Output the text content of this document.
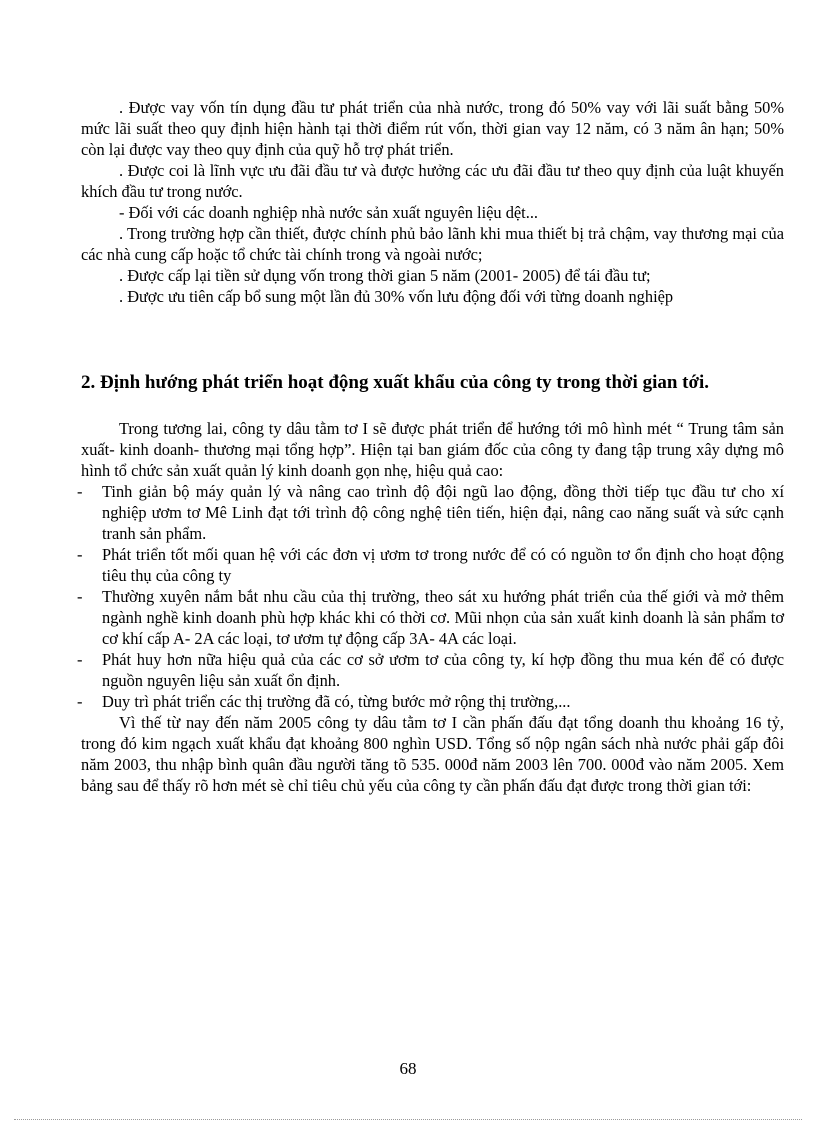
. Được vay vốn tín dụng đầu tư phát triển của nhà nước, trong đó 50% vay với lãi suất bằng 50% mức lãi suất theo quy định hiện hành tại thời điểm rút vốn, thời gian vay 12 năm, có 3 năm ân hạn; 50% còn lại được vay theo quy định của quỹ hỗ trợ phát triển.

. Được coi là lĩnh vực ưu đãi đầu tư và được hưởng các ưu đãi đầu tư theo quy định của luật khuyến khích đầu tư trong nước.

- Đối với các doanh nghiệp nhà nước sản xuất nguyên liệu dệt...

. Trong trường hợp cần thiết, được chính phủ bảo lãnh khi mua thiết bị trả chậm, vay thương mại của các nhà cung cấp hoặc tổ chức tài chính trong và ngoài nước;

. Được cấp lại tiền sử dụng vốn trong thời gian 5 năm (2001- 2005) để tái đầu tư;

. Được ưu tiên cấp bổ sung một lần đủ 30% vốn lưu động đối với từng doanh nghiệp

2. Định hướng phát triển hoạt động xuất khẩu của công ty trong thời gian tới.

Trong tương lai, công ty dâu tằm tơ I sẽ được phát triển để hướng tới mô hình mét “ Trung tâm sản xuất- kinh doanh- thương mại tổng hợp”. Hiện tại ban giám đốc của công ty đang tập trung xây dựng mô hình tổ chức sản xuất quản lý kinh doanh gọn nhẹ, hiệu quả cao:

- Tinh giản bộ máy quản lý và nâng cao trình độ đội ngũ lao động, đồng thời tiếp tục đầu tư cho xí nghiệp ươm tơ Mê Linh đạt tới trình độ công nghệ tiên tiến, hiện đại, nâng cao năng suất và sức cạnh tranh sản phẩm.
- Phát triển tốt mối quan hệ với các đơn vị ươm tơ trong nước để có có nguồn tơ ổn định cho hoạt động tiêu thụ của công ty
- Thường xuyên nắm bắt nhu cầu của thị trường, theo sát xu hướng phát triển của thế giới và mở thêm ngành nghề kinh doanh phù hợp khác khi có thời cơ. Mũi nhọn của sản xuất kinh doanh là sản phẩm tơ cơ khí cấp A- 2A các loại, tơ ươm tự động cấp 3A- 4A các loại.
- Phát huy hơn nữa hiệu quả của các cơ sở ươm tơ của công ty, kí hợp đồng thu mua kén để có được nguồn nguyên liệu sản xuất ổn định.
- Duy trì phát triển các thị trường đã có, từng bước mở rộng thị trường,...

Vì thế từ nay đến năm 2005 công ty dâu tằm tơ I cần phấn đấu đạt tổng doanh thu khoảng 16 tỷ, trong đó kim ngạch xuất khẩu đạt khoảng 800 nghìn USD. Tổng số nộp ngân sách nhà nước phải gấp đôi năm 2003, thu nhập bình quân đầu người tăng tõ 535. 000đ năm 2003 lên 700. 000đ vào năm 2005. Xem bảng sau để thấy rõ hơn mét sè chỉ tiêu chủ yếu của công ty cần phấn đấu đạt được trong thời gian tới:

68
